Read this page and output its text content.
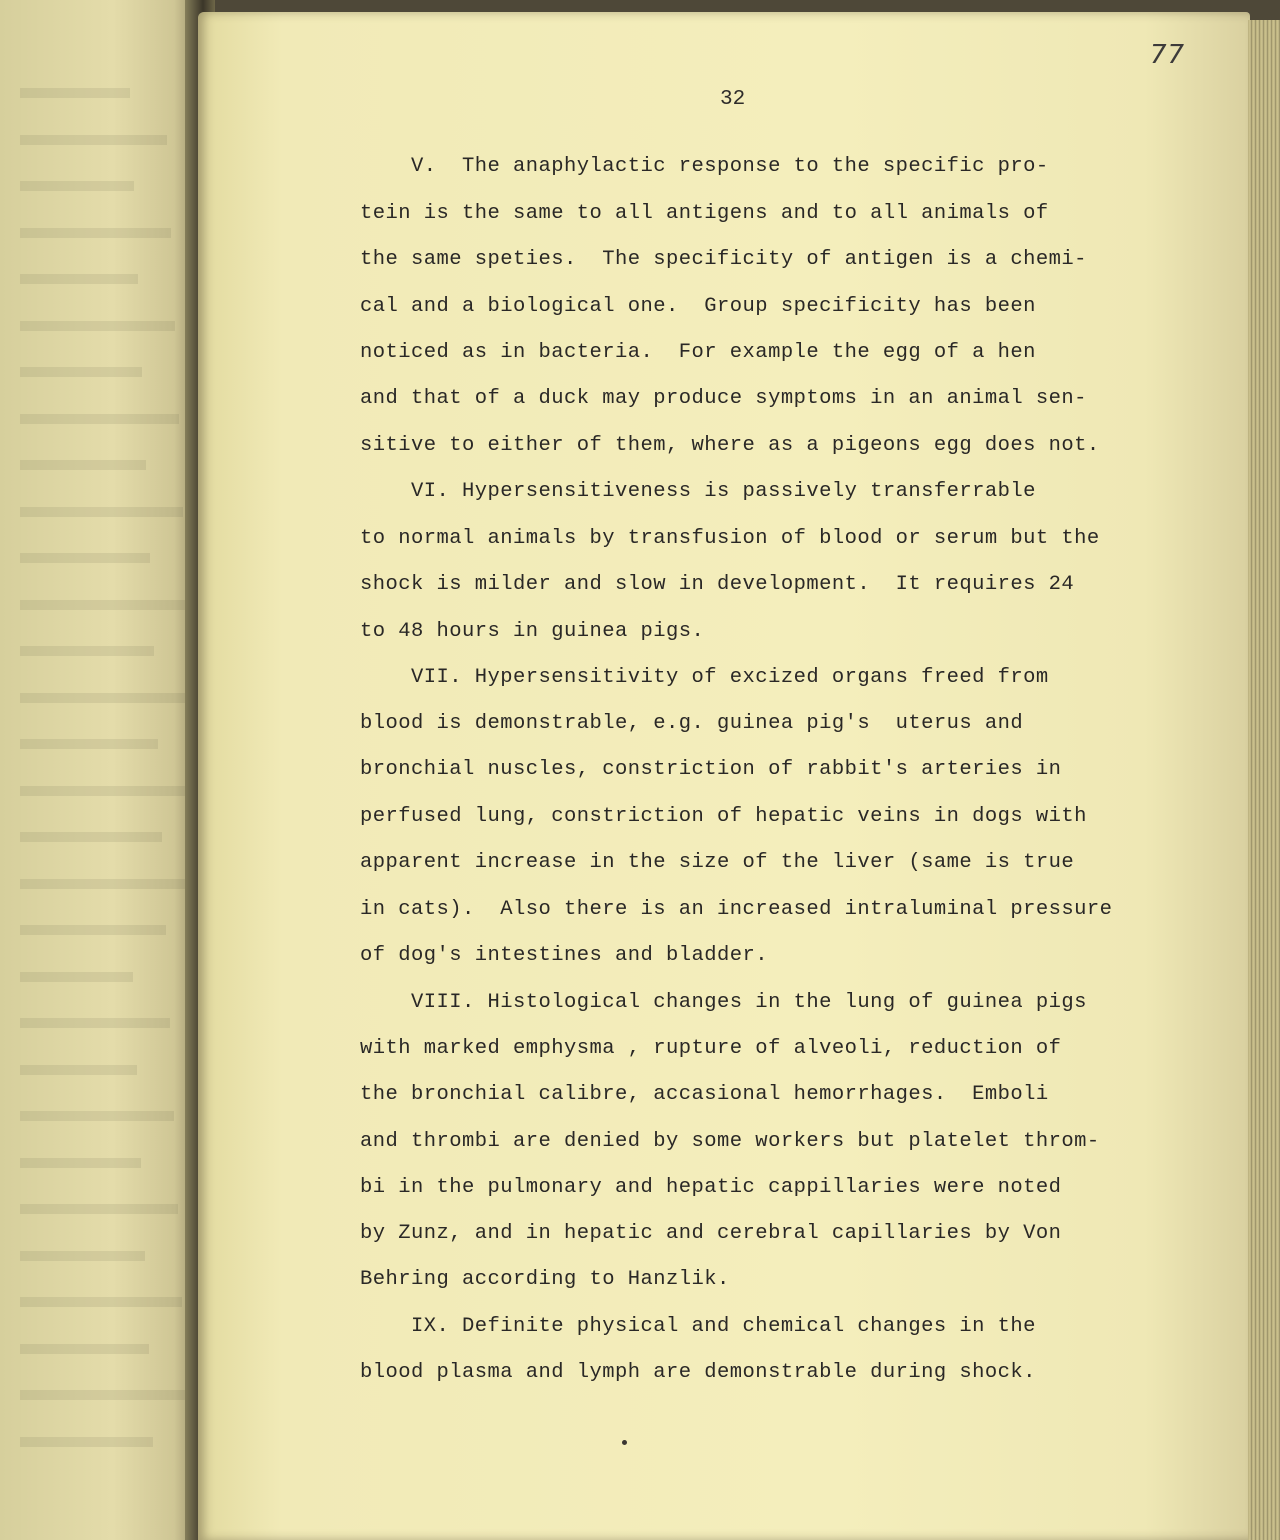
77
32
V.  The anaphylactic response to the specific pro-
tein is the same to all antigens and to all animals of
the same speties.  The specificity of antigen is a chemi-
cal and a biological one.  Group specificity has been
noticed as in bacteria.  For example the egg of a hen
and that of a duck may produce symptoms in an animal sen-
sitive to either of them, where as a pigeons egg does not.
VI. Hypersensitiveness is passively transferrable
to normal animals by transfusion of blood or serum but the
shock is milder and slow in development.  It requires 24
to 48 hours in guinea pigs.
VII. Hypersensitivity of excized organs freed from
blood is demonstrable, e.g. guinea pig's  uterus and
bronchial nuscles, constriction of rabbit's arteries in
perfused lung, constriction of hepatic veins in dogs with
apparent increase in the size of the liver (same is true
in cats).  Also there is an increased intraluminal pressure
of dog's intestines and bladder.
VIII. Histological changes in the lung of guinea pigs
with marked emphysma , rupture of alveoli, reduction of
the bronchial calibre, accasional hemorrhages.  Emboli
and thrombi are denied by some workers but platelet throm-
bi in the pulmonary and hepatic cappillaries were noted
by Zunz, and in hepatic and cerebral capillaries by Von
Behring according to Hanzlik.
IX. Definite physical and chemical changes in the
blood plasma and lymph are demonstrable during shock.
